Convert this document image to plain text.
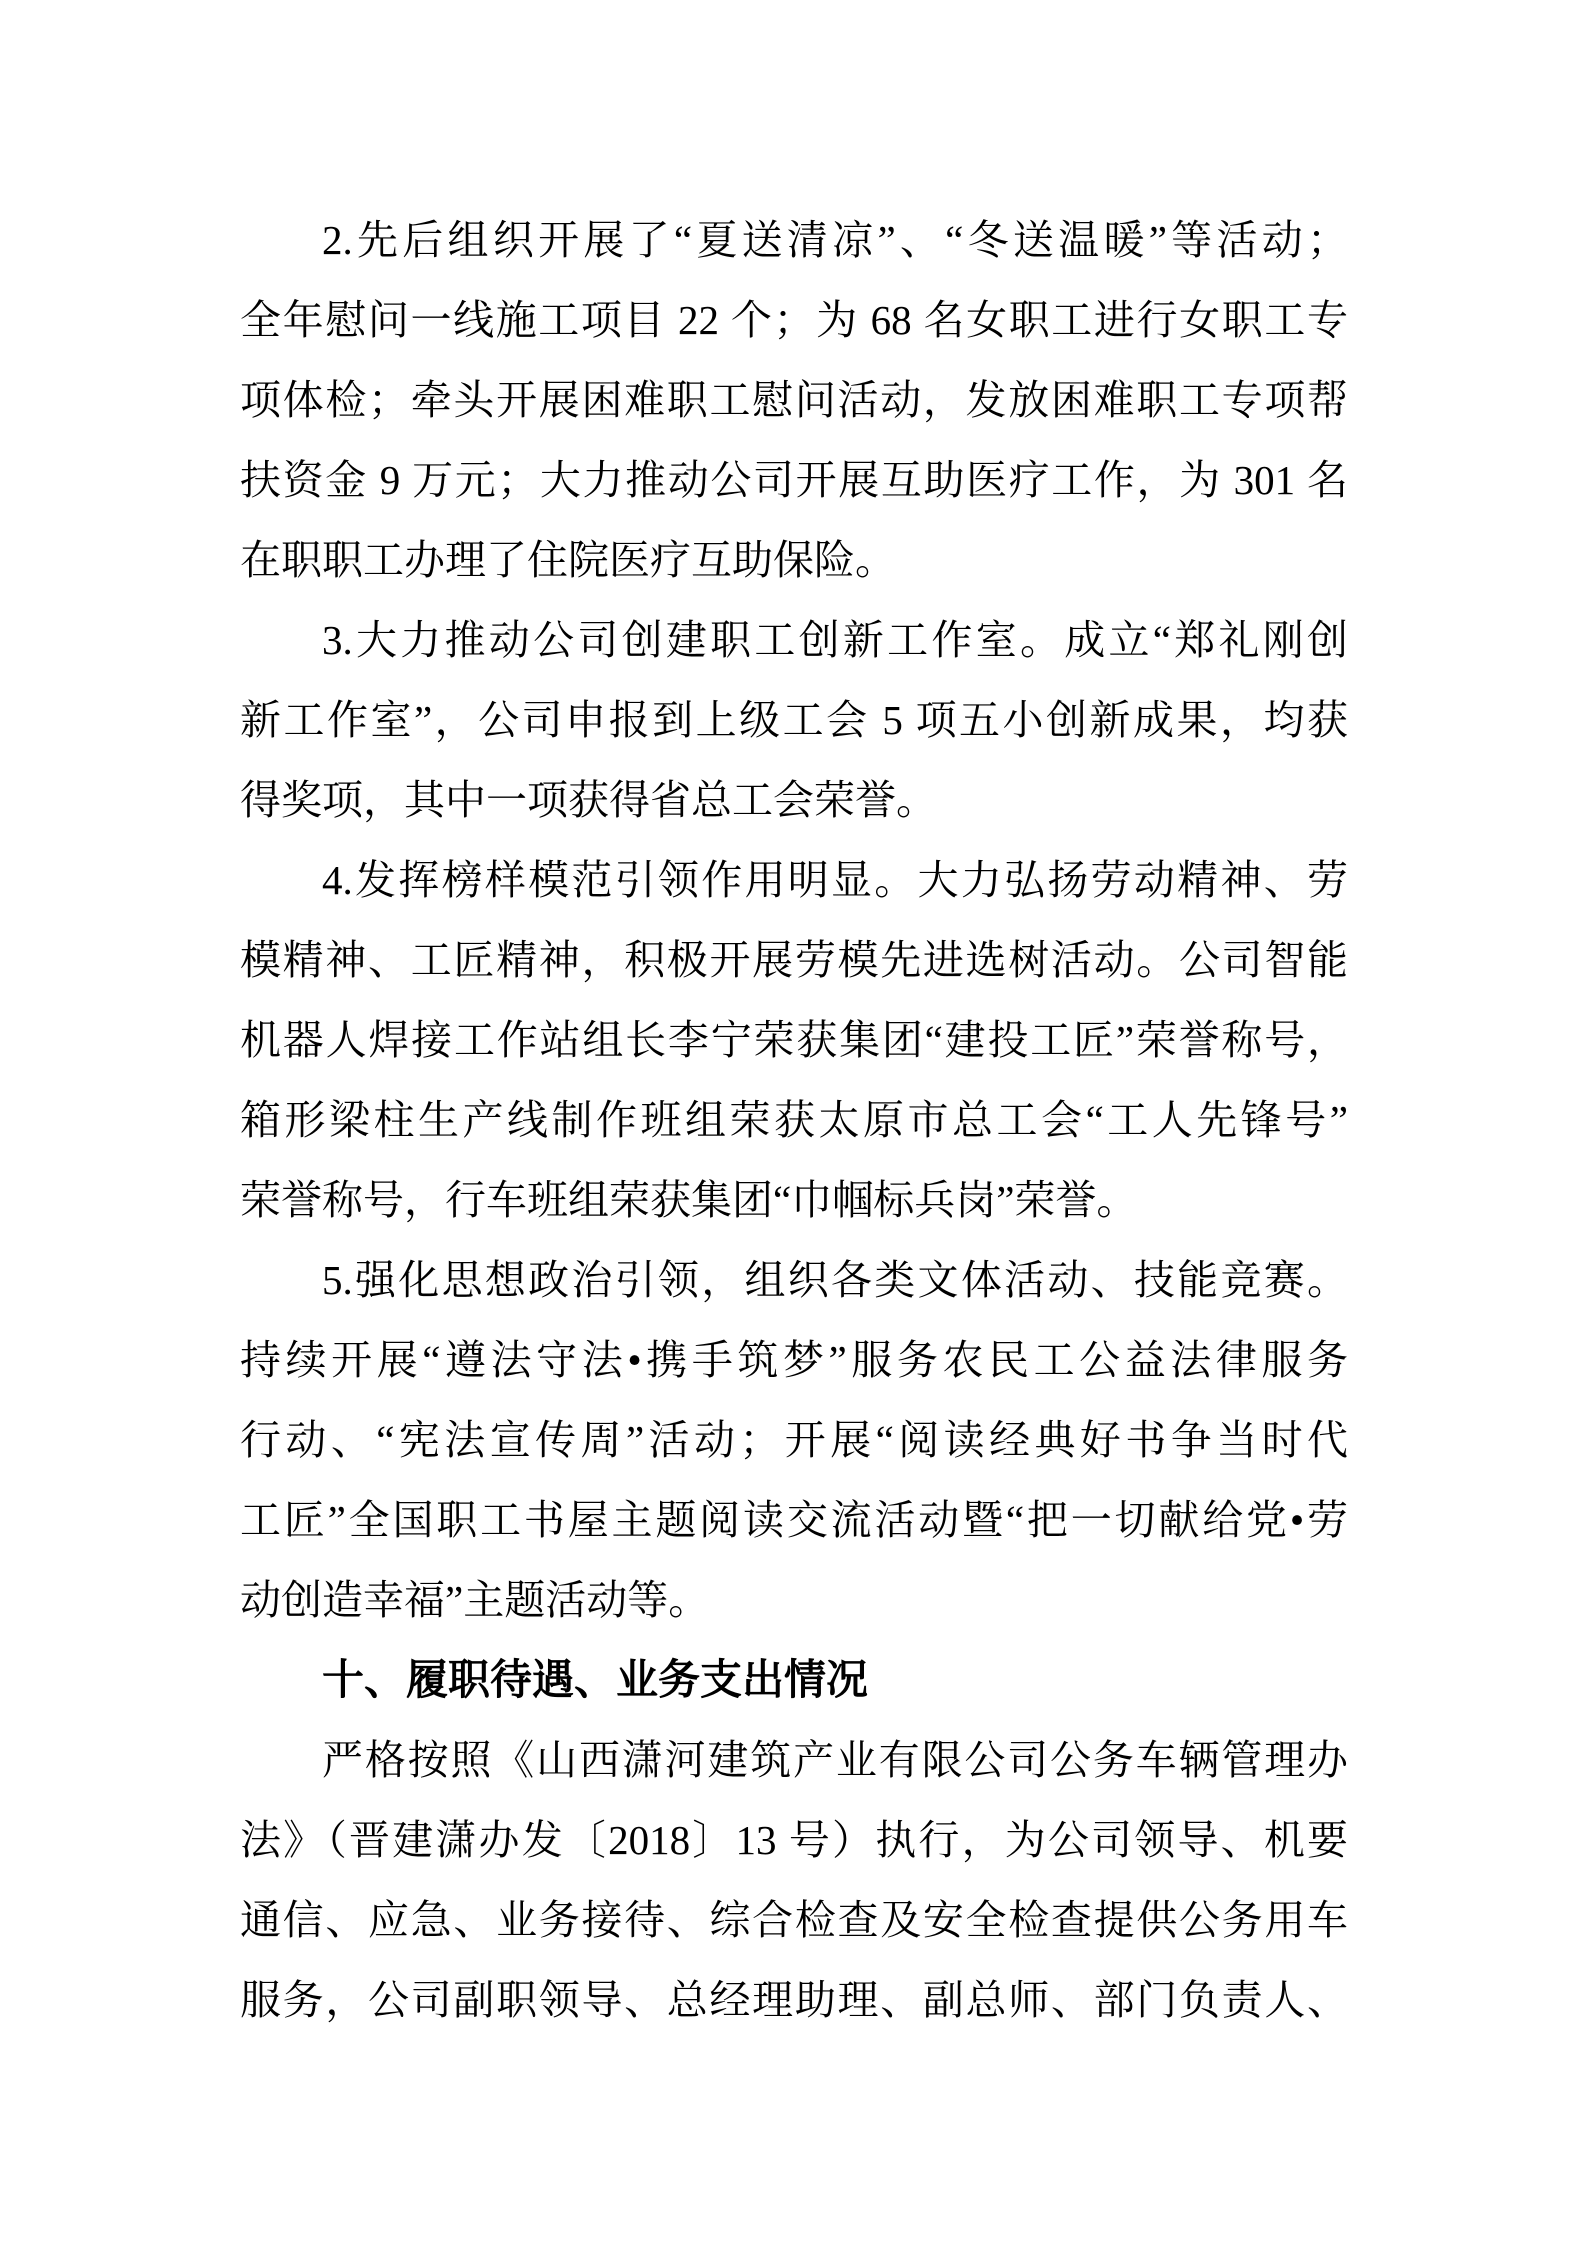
2.先后组织开展了“夏送清凉”、“冬送温暖”等活动；
全年慰问一线施工项目 22 个；为 68 名女职工进行女职工专
项体检；牵头开展困难职工慰问活动，发放困难职工专项帮
扶资金 9 万元；大力推动公司开展互助医疗工作，为 301 名
在职职工办理了住院医疗互助保险。
3.大力推动公司创建职工创新工作室。成立“郑礼刚创
新工作室”，公司申报到上级工会 5 项五小创新成果，均获
得奖项，其中一项获得省总工会荣誉。
4.发挥榜样模范引领作用明显。大力弘扬劳动精神、劳
模精神、工匠精神，积极开展劳模先进选树活动。公司智能
机器人焊接工作站组长李宁荣获集团“建投工匠”荣誉称号，
箱形梁柱生产线制作班组荣获太原市总工会“工人先锋号”
荣誉称号，行车班组荣获集团“巾帼标兵岗”荣誉。
5.强化思想政治引领，组织各类文体活动、技能竞赛。
持续开展“遵法守法•携手筑梦”服务农民工公益法律服务
行动、“宪法宣传周”活动；开展“阅读经典好书争当时代
工匠”全国职工书屋主题阅读交流活动暨“把一切献给党•劳
动创造幸福”主题活动等。
十、履职待遇、业务支出情况
严格按照《山西潇河建筑产业有限公司公务车辆管理办
法》（晋建潇办发〔2018〕13 号）执行，为公司领导、机要
通信、应急、业务接待、综合检查及安全检查提供公务用车
服务，公司副职领导、总经理助理、副总师、部门负责人、
